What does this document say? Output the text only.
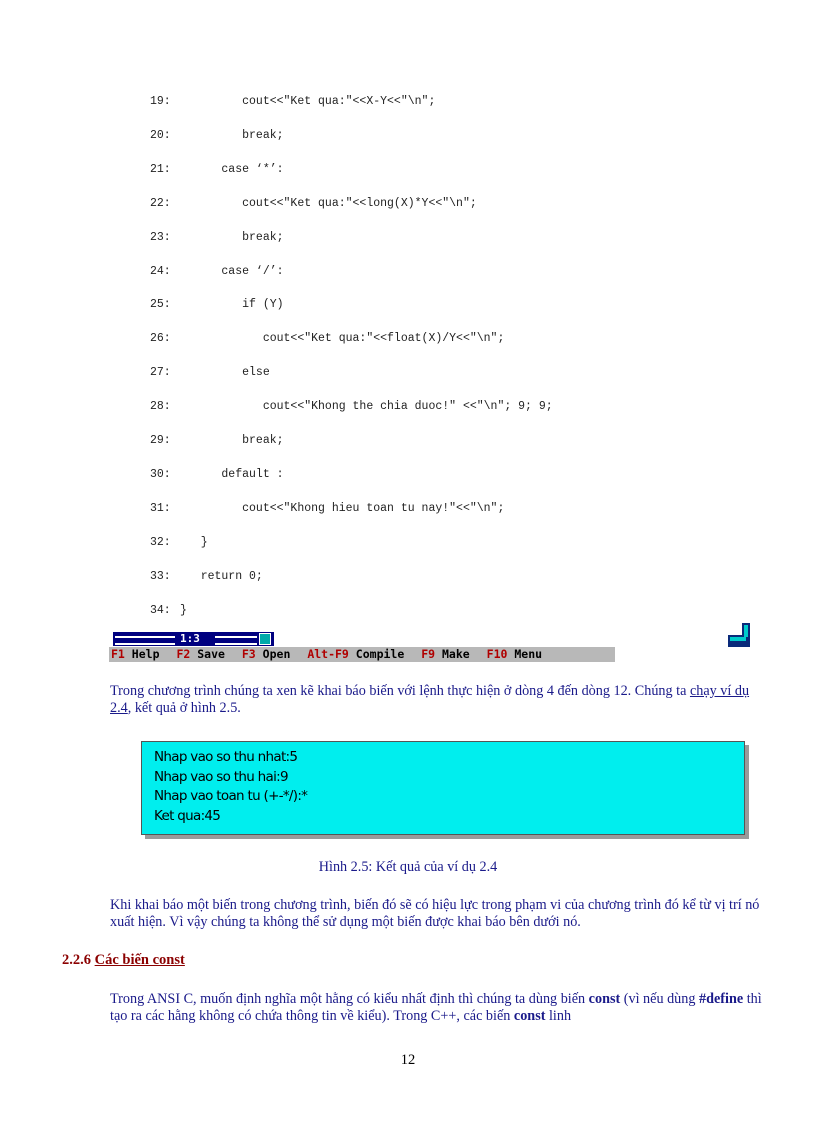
19:         cout<<"Ket qua:"<<X-Y<<"\n";
20:         break;
21:      case ‘*’:
22:         cout<<"Ket qua:"<<long(X)*Y<<"\n";
23:         break;
24:      case ‘/’:
25:         if (Y)
26:            cout<<"Ket qua:"<<float(X)/Y<<"\n";
27:         else
28:            cout<<"Khong the chia duoc!" <<"\n"; 9; 9;
29:         break;
30:      default :
31:         cout<<"Khong hieu toan tu nay!"<<"\n";
32:   }
33:   return 0;
34: }
1:3
F1 Help F2 Save F3 Open Alt-F9 Compile F9 Make F10 Menu
Trong chương trình chúng ta xen kẽ khai báo biến với lệnh thực hiện ở dòng 4 đến dòng 12. Chúng ta chạy ví dụ 2.4, kết quả ở hình 2.5.
Nhap vao so thu nhat:5
Nhap vao so thu hai:9
Nhap vao toan tu (+-*/):*
Ket qua:45
Hình 2.5: Kết quả của ví dụ 2.4
Khi khai báo một biến trong chương trình, biến đó sẽ có hiệu lực trong phạm vi của chương trình đó kể từ vị trí nó xuất hiện. Vì vậy chúng ta không thể sử dụng một biến được khai báo bên dưới nó.
2.2.6 Các biến const
Trong ANSI C, muốn định nghĩa một hằng có kiểu nhất định thì chúng ta dùng biến const (vì nếu dùng #define thì tạo ra các hằng không có chứa thông tin về kiểu). Trong C++, các biến const linh
12
